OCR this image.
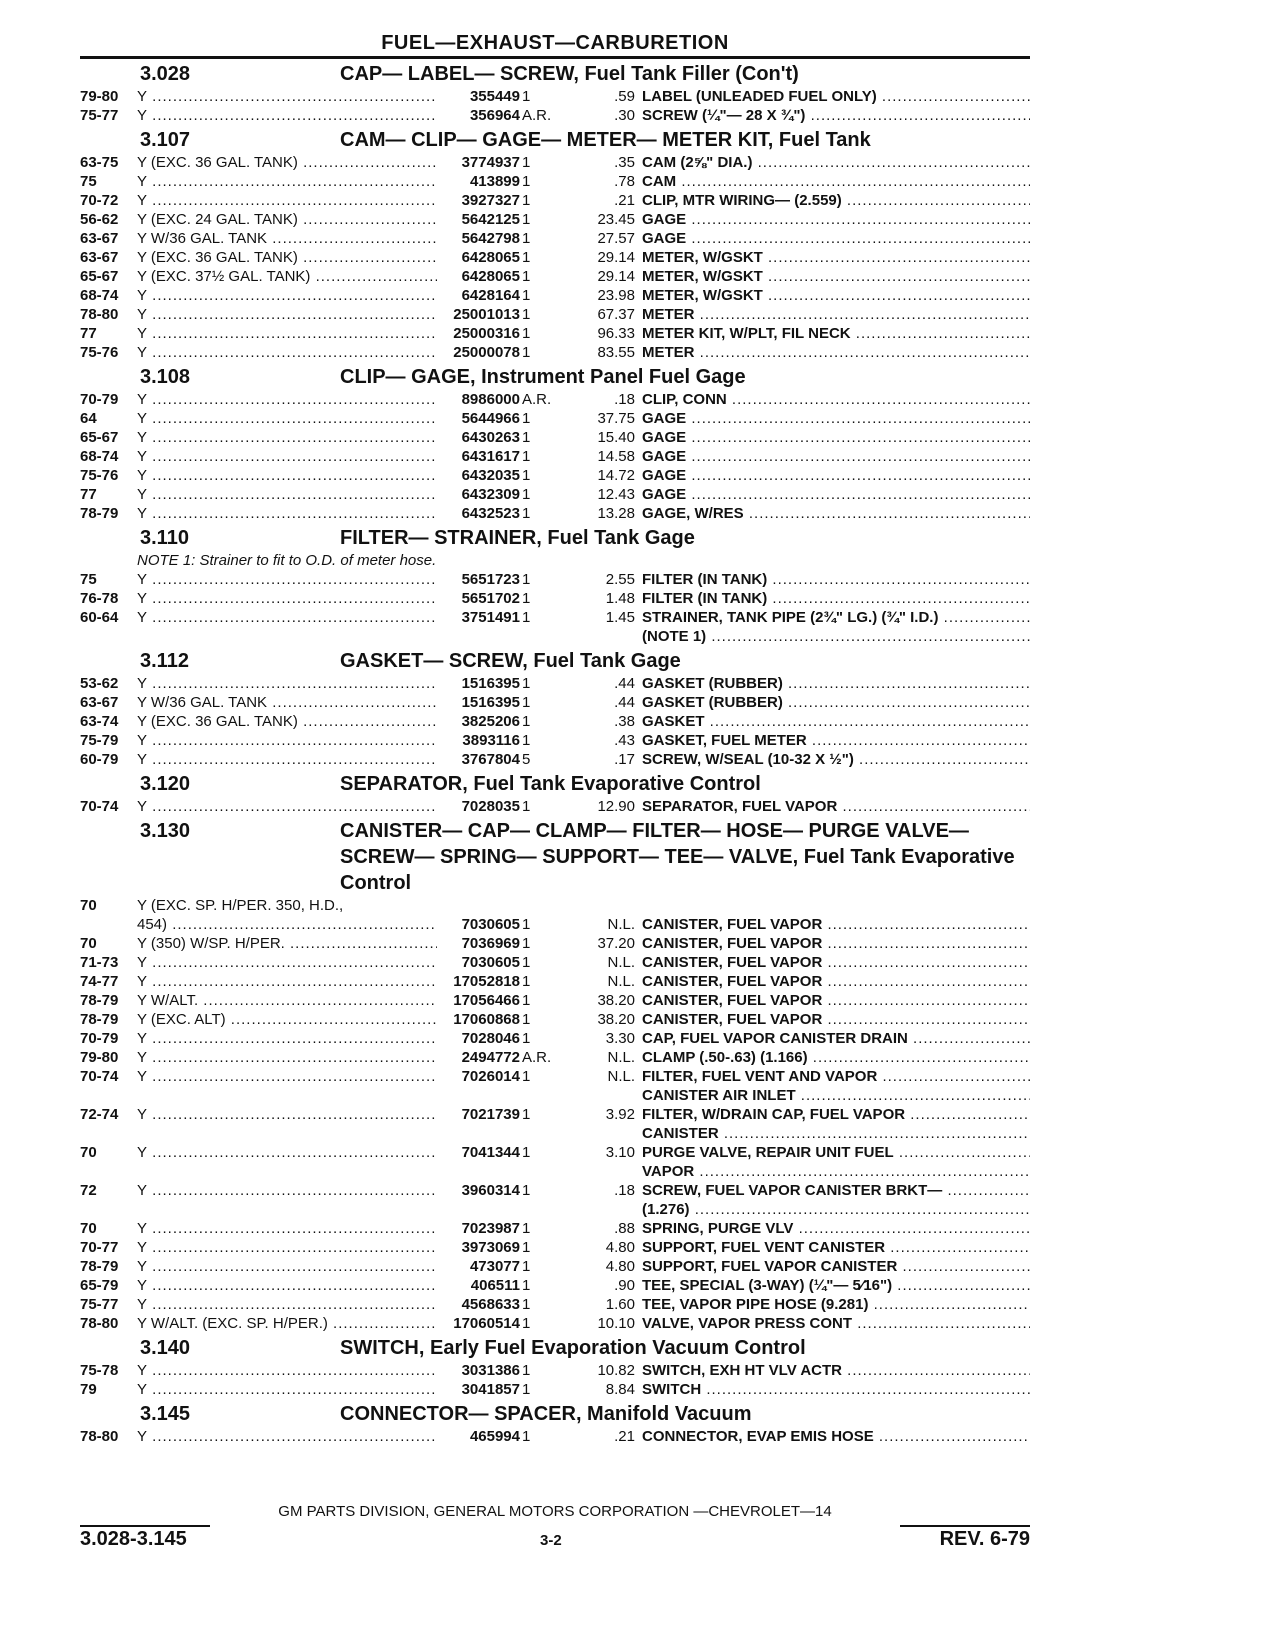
FUEL—EXHAUST—CARBURETION
3.028	CAP— LABEL— SCREW, Fuel Tank Filler (Con't)
79-80	Y .....	355449 1	.59 LABEL (UNLEADED FUEL ONLY) .....
75-77	Y .....	356964 A.R.	.30 SCREW (¼"— 28 X ¾") .....
3.107	CAM— CLIP— GAGE— METER— METER KIT, Fuel Tank
63-75	Y (EXC. 36 GAL. TANK) .....	3774937 1	.35 CAM (2⅝" DIA.) .....
75	Y .....	413899 1	.78 CAM .....
70-72	Y .....	3927327 1	.21 CLIP, MTR WIRING— (2.559) .....
56-62	Y (EXC. 24 GAL. TANK) .....	5642125 1	23.45 GAGE .....
63-67	Y W/36 GAL. TANK .....	5642798 1	27.57 GAGE .....
63-67	Y (EXC. 36 GAL. TANK) .....	6428065 1	29.14 METER, W/GSKT .....
65-67	Y (EXC. 37½ GAL. TANK) .....	6428065 1	29.14 METER, W/GSKT .....
68-74	Y .....	6428164 1	23.98 METER, W/GSKT .....
78-80	Y .....	25001013 1	67.37 METER .....
77	Y .....	25000316 1	96.33 METER KIT, W/PLT, FIL NECK .....
75-76	Y .....	25000078 1	83.55 METER .....
3.108	CLIP— GAGE, Instrument Panel Fuel Gage
70-79	Y .....	8986000 A.R.	.18 CLIP, CONN .....
64	Y .....	5644966 1	37.75 GAGE .....
65-67	Y .....	6430263 1	15.40 GAGE .....
68-74	Y .....	6431617 1	14.58 GAGE .....
75-76	Y .....	6432035 1	14.72 GAGE .....
77	Y .....	6432309 1	12.43 GAGE .....
78-79	Y .....	6432523 1	13.28 GAGE, W/RES .....
3.110	FILTER— STRAINER, Fuel Tank Gage
NOTE 1: Strainer to fit to O.D. of meter hose.
75	Y .....	5651723 1	2.55 FILTER (IN TANK) .....
76-78	Y .....	5651702 1	1.48 FILTER (IN TANK) .....
60-64	Y .....	3751491 1	1.45 STRAINER, TANK PIPE (2¾" LG.) (¾" I.D.) .....
(NOTE 1) .....
3.112	GASKET— SCREW, Fuel Tank Gage
53-62	Y .....	1516395 1	.44 GASKET (RUBBER) .....
63-67	Y W/36 GAL. TANK .....	1516395 1	.44 GASKET (RUBBER) .....
63-74	Y (EXC. 36 GAL. TANK) .....	3825206 1	.38 GASKET .....
75-79	Y .....	3893116 1	.43 GASKET, FUEL METER .....
60-79	Y .....	3767804 5	.17 SCREW, W/SEAL (10-32 X ½") .....
3.120	SEPARATOR, Fuel Tank Evaporative Control
70-74	Y .....	7028035 1	12.90 SEPARATOR, FUEL VAPOR .....
3.130	CANISTER— CAP— CLAMP— FILTER— HOSE— PURGE VALVE— SCREW— SPRING— SUPPORT— TEE— VALVE, Fuel Tank Evaporative Control
70	Y (EXC. SP. H/PER. 350, H.D.,
454) .....	7030605 1	N.L. CANISTER, FUEL VAPOR .....
70	Y (350) W/SP. H/PER. .....	7036969 1	37.20 CANISTER, FUEL VAPOR .....
71-73	Y .....	7030605 1	N.L. CANISTER, FUEL VAPOR .....
74-77	Y .....	17052818 1	N.L. CANISTER, FUEL VAPOR .....
78-79	Y W/ALT. .....	17056466 1	38.20 CANISTER, FUEL VAPOR .....
78-79	Y (EXC. ALT) .....	17060868 1	38.20 CANISTER, FUEL VAPOR .....
70-79	Y .....	7028046 1	3.30 CAP, FUEL VAPOR CANISTER DRAIN .....
79-80	Y .....	2494772 A.R.	N.L. CLAMP (.50-.63) (1.166) .....
70-74	Y .....	7026014 1	N.L. FILTER, FUEL VENT AND VAPOR .....
CANISTER AIR INLET .....
72-74	Y .....	7021739 1	3.92 FILTER, W/DRAIN CAP, FUEL VAPOR .....
CANISTER .....
70	Y .....	7041344 1	3.10 PURGE VALVE, REPAIR UNIT FUEL .....
VAPOR .....
72	Y .....	3960314 1	.18 SCREW, FUEL VAPOR CANISTER BRKT— .....
(1.276) .....
70	Y .....	7023987 1	.88 SPRING, PURGE VLV .....
70-77	Y .....	3973069 1	4.80 SUPPORT, FUEL VENT CANISTER .....
78-79	Y .....	473077 1	4.80 SUPPORT, FUEL VAPOR CANISTER .....
65-79	Y .....	406511 1	.90 TEE, SPECIAL (3-WAY) (¼"— 5⁄16") .....
75-77	Y .....	4568633 1	1.60 TEE, VAPOR PIPE HOSE (9.281) .....
78-80	Y W/ALT. (EXC. SP. H/PER.) .....	17060514 1	10.10 VALVE, VAPOR PRESS CONT .....
3.140	SWITCH, Early Fuel Evaporation Vacuum Control
75-78	Y .....	3031386 1	10.82 SWITCH, EXH HT VLV ACTR .....
79	Y .....	3041857 1	8.84 SWITCH .....
3.145	CONNECTOR— SPACER, Manifold Vacuum
78-80	Y .....	465994 1	.21 CONNECTOR, EVAP EMIS HOSE .....
GM PARTS DIVISION, GENERAL MOTORS CORPORATION —CHEVROLET—14
3.028-3.145	3-2	REV. 6-79
